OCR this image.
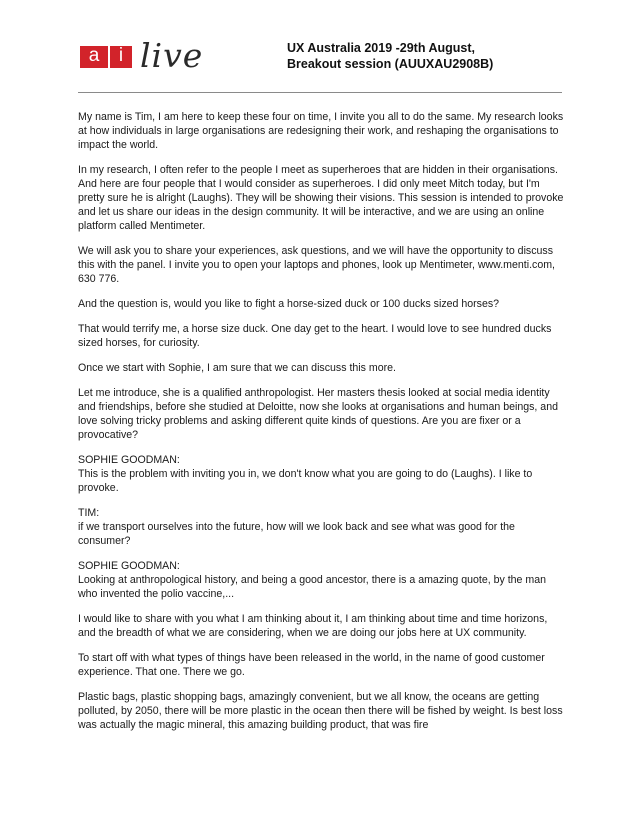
a	i live	UX Australia 2019 -29th August,
Breakout session (AUUXAU2908B)

My name is Tim, I am here to keep these four on time, I invite you all to do the same. My research looks at how individuals in large organisations are redesigning their work, and reshaping the organisations to impact the world.

In my research, I often refer to the people I meet as superheroes that are hidden in their organisations. And here are four people that I would consider as superheroes. I did only meet Mitch today, but I'm pretty sure he is alright (Laughs). They will be showing their visions. This session is intended to provoke and let us share our ideas in the design community. It will be interactive, and we are using an online platform called Mentimeter.

We will ask you to share your experiences, ask questions, and we will have the opportunity to discuss this with the panel. I invite you to open your laptops and phones, look up Mentimeter, www.menti.com, 630 776.

And the question is, would you like to fight a horse-sized duck or 100 ducks sized horses?

That would terrify me, a horse size duck. One day get to the heart. I would love to see hundred ducks sized horses, for curiosity.

Once we start with Sophie, I am sure that we can discuss this more.

Let me introduce, she is a qualified anthropologist. Her masters thesis looked at social media identity and friendships, before she studied at Deloitte, now she looks at organisations and human beings, and love solving tricky problems and asking different quite kinds of questions. Are you are fixer or a provocative?

SOPHIE GOODMAN:
This is the problem with inviting you in, we don't know what you are going to do (Laughs). I like to provoke.
TIM:
if we transport ourselves into the future, how will we look back and see what was good for the consumer?
SOPHIE GOODMAN:
Looking at anthropological history, and being a good ancestor, there is a amazing quote, by the man who invented the polio vaccine,...

I would like to share with you what I am thinking about it, I am thinking about time and time horizons, and the breadth of what we are considering, when we are doing our jobs here at UX community.

To start off with what types of things have been released in the world, in the name of good customer experience. That one. There we go.

Plastic bags, plastic shopping bags, amazingly convenient, but we all know, the oceans are getting polluted, by 2050, there will be more plastic in the ocean then there will be fished by weight. Is best loss was actually the magic mineral, this amazing building product, that was fire
